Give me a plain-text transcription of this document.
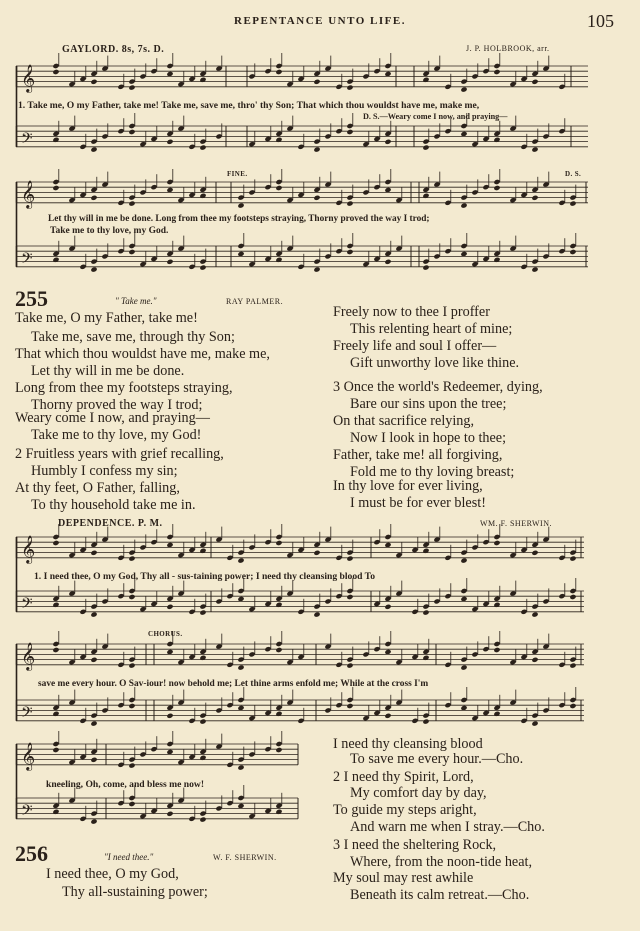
REPENTANCE UNTO LIFE.	105
GAYLORD. 8s, 7s. D.	J. P. HOLBROOK, arr.
𝄞
𝄢
1. Take me, O my Father, take me! Take me, save me, thro' thy Son; That which thou wouldst have me, make me,
D. S.—Weary come I now, and praying—
FINE.	D. S.
𝄞
𝄢
Let thy will in me be done. Long from thee my footsteps straying, Thorny proved the way I trod;
Take me to thy love, my God.
255	" Take me."	RAY PALMER.
Take me, O my Father, take me!
Take me, save me, through thy Son;
That which thou wouldst have me, make me,
Let thy will in me be done.
Long from thee my footsteps straying,
Thorny proved the way I trod;
Weary come I now, and praying—
Take me to thy love, my God!
2 Fruitless years with grief recalling,
Humbly I confess my sin;
At thy feet, O Father, falling,
To thy household take me in.
Freely now to thee I proffer
This relenting heart of mine;
Freely life and soul I offer—
Gift unworthy love like thine.
3 Once the world's Redeemer, dying,
Bare our sins upon the tree;
On that sacrifice relying,
Now I look in hope to thee;
Father, take me! all forgiving,
Fold me to thy loving breast;
In thy love for ever living,
I must be for ever blest!
DEPENDENCE. P. M.	WM. F. SHERWIN.
𝄞
𝄢
1. I need thee, O my God, Thy all - sus-taining power; I need thy cleansing blood To
CHORUS.
𝄞
𝄢
save me every hour. O Sav-iour! now behold me; Let thine arms enfold me; While at the cross I'm
𝄞
𝄢
kneeling, Oh, come, and bless me now!
256	"I need thee."	W. F. SHERWIN.
I need thee, O my God,
Thy all-sustaining power;
I need thy cleansing blood
To save me every hour.—Cho.
2 I need thy Spirit, Lord,
My comfort day by day,
To guide my steps aright,
And warn me when I stray.—Cho.
3 I need the sheltering Rock,
Where, from the noon-tide heat,
My soul may rest awhile
Beneath its calm retreat.—Cho.
